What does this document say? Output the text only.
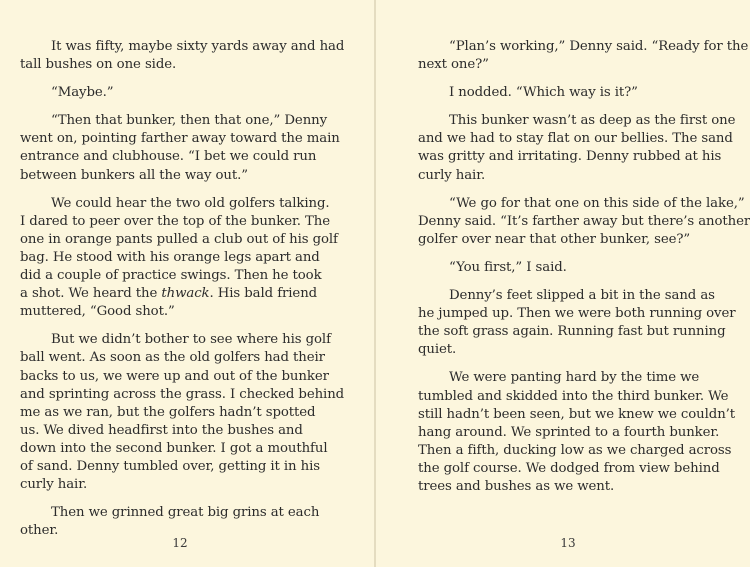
It was fifty, maybe sixty yards away and had
tall bushes on one side.

“Maybe.”

“Then that bunker, then that one,” Denny
went on, pointing farther away toward the main
entrance and clubhouse. “I bet we could run
between bunkers all the way out.”

We could hear the two old golfers talking.
I dared to peer over the top of the bunker. The
one in orange pants pulled a club out of his golf
bag. He stood with his orange legs apart and
did a couple of practice swings. Then he took
a shot. We heard the thwack. His bald friend
muttered, “Good shot.”

But we didn’t bother to see where his golf
ball went. As soon as the old golfers had their
backs to us, we were up and out of the bunker
and sprinting across the grass. I checked behind
me as we ran, but the golfers hadn’t spotted
us. We dived headfirst into the bushes and
down into the second bunker. I got a mouthful
of sand. Denny tumbled over, getting it in his
curly hair.

Then we grinned great big grins at each
other.

12

“Plan’s working,” Denny said. “Ready for the
next one?”

I nodded. “Which way is it?”

This bunker wasn’t as deep as the first one
and we had to stay flat on our bellies. The sand
was gritty and irritating. Denny rubbed at his
curly hair.

“We go for that one on this side of the lake,”
Denny said. “It’s farther away but there’s another
golfer over near that other bunker, see?”

“You first,” I said.

Denny’s feet slipped a bit in the sand as
he jumped up. Then we were both running over
the soft grass again. Running fast but running
quiet.

We were panting hard by the time we
tumbled and skidded into the third bunker. We
still hadn’t been seen, but we knew we couldn’t
hang around. We sprinted to a fourth bunker.
Then a fifth, ducking low as we charged across
the golf course. We dodged from view behind
trees and bushes as we went.

13
